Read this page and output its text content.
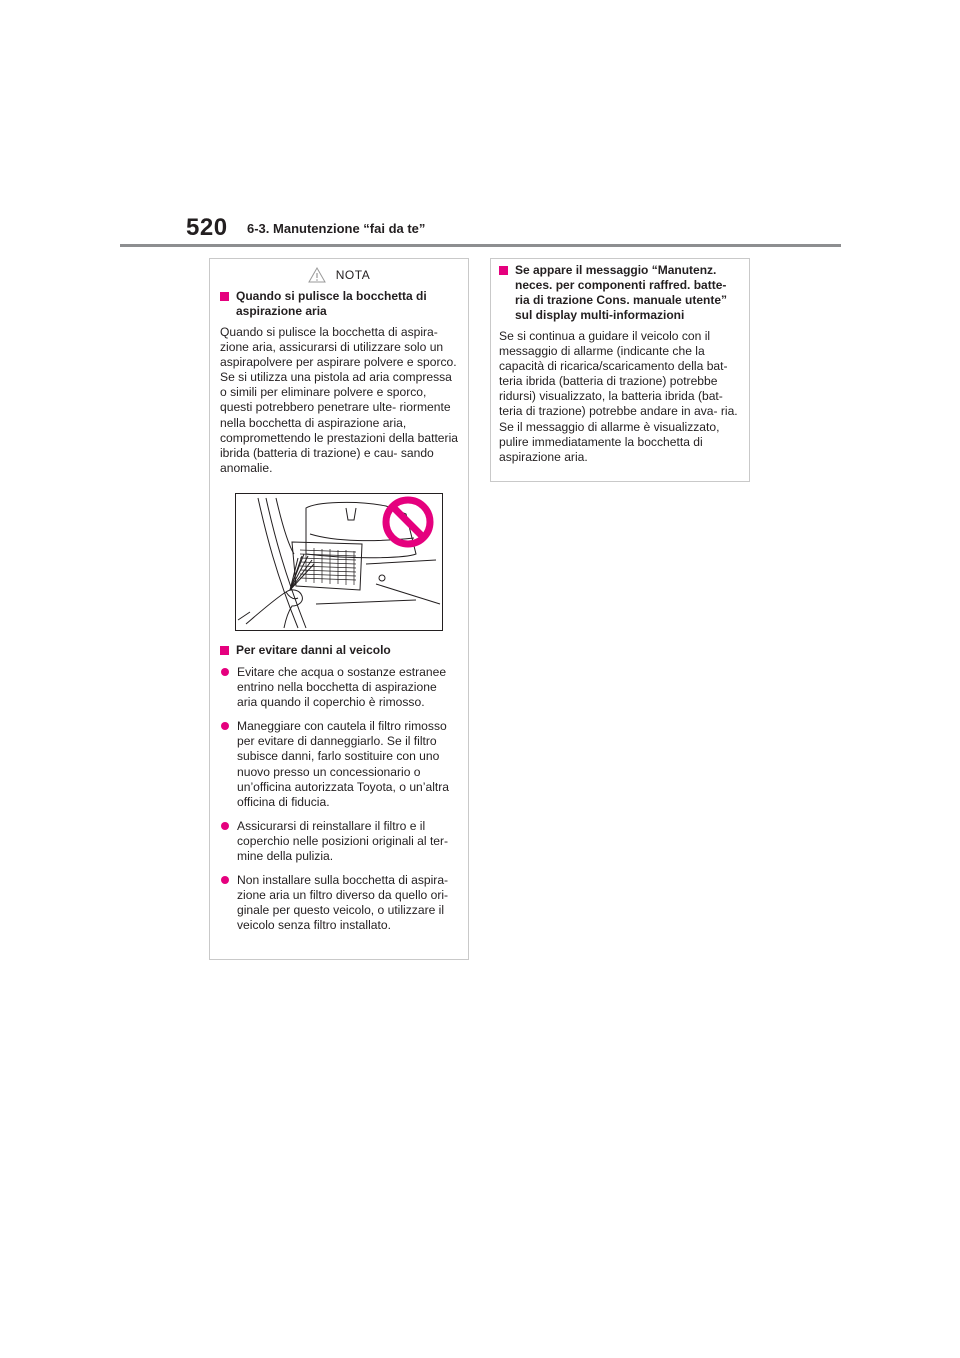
520 6-3. Manutenzione “fai da te”
NOTA
Quando si pulisce la bocchetta di aspirazione aria

Quando si pulisce la bocchetta di aspira- zione aria, assicurarsi di utilizzare solo un aspirapolvere per aspirare polvere e sporco. Se si utilizza una pistola ad aria compressa o simili per eliminare polvere e sporco, questi potrebbero penetrare ulte- riormente nella bocchetta di aspirazione aria, compromettendo le prestazioni della batteria ibrida (batteria di trazione) e cau- sando anomalie.

Per evitare danni al veicolo
Evitare che acqua o sostanze estranee entrino nella bocchetta di aspirazione aria quando il coperchio è rimosso.
Maneggiare con cautela il filtro rimosso per evitare di danneggiarlo. Se il filtro subisce danni, farlo sostituire con uno nuovo presso un concessionario o un’officina autorizzata Toyota, o un’altra officina di fiducia.
Assicurarsi di reinstallare il filtro e il coperchio nelle posizioni originali al ter- mine della pulizia.
Non installare sulla bocchetta di aspira- zione aria un filtro diverso da quello ori- ginale per questo veicolo, o utilizzare il veicolo senza filtro installato.
Se appare il messaggio “Manutenz. neces. per componenti raffred. batte- ria di trazione Cons. manuale utente” sul display multi-informazioni

Se si continua a guidare il veicolo con il messaggio di allarme (indicante che la capacità di ricarica/scaricamento della bat- teria ibrida (batteria di trazione) potrebbe ridursi) visualizzato, la batteria ibrida (bat- teria di trazione) potrebbe andare in ava- ria. Se il messaggio di allarme è visualizzato, pulire immediatamente la bocchetta di aspirazione aria.
